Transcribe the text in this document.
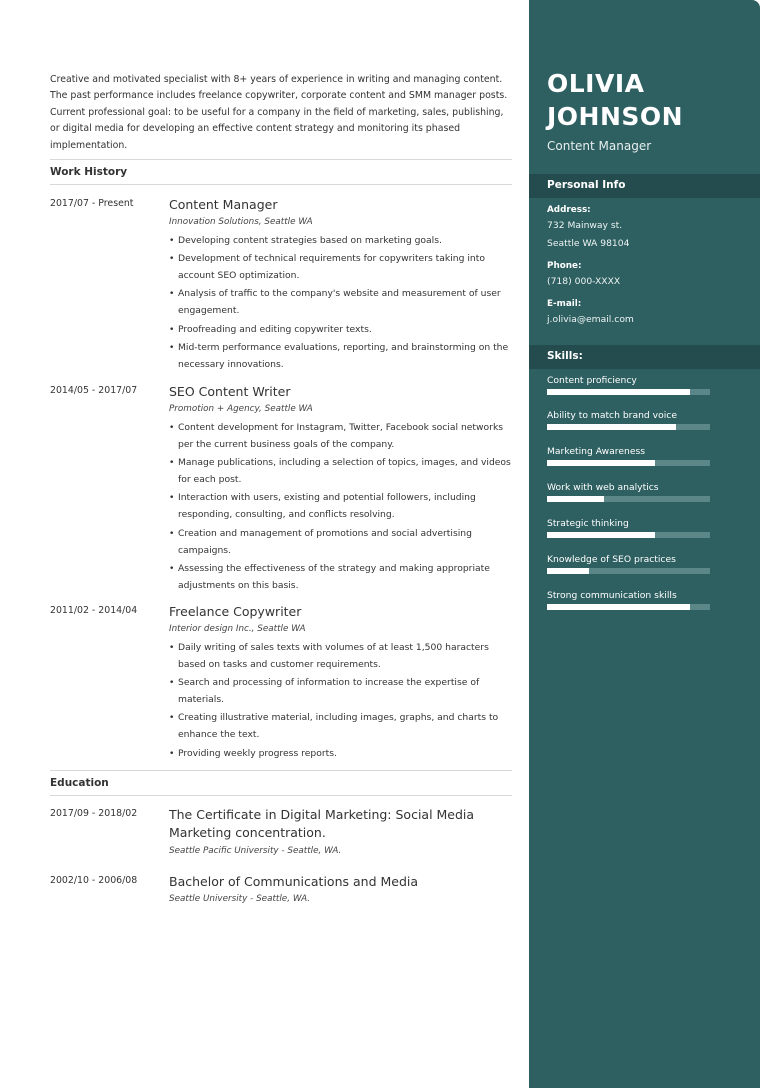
Creative and motivated specialist with 8+ years of experience in writing and managing content. The past performance includes freelance copywriter, corporate content and SMM manager posts. Current professional goal: to be useful for a company in the field of marketing, sales, publishing, or digital media for developing an effective content strategy and monitoring its phased implementation.

Work History
2017/07 - Present	Content Manager
Innovation Solutions, Seattle WA
• Developing content strategies based on marketing goals.
• Development of technical requirements for copywriters taking into account SEO optimization.
• Analysis of traffic to the company's website and measurement of user engagement.
• Proofreading and editing copywriter texts.
• Mid-term performance evaluations, reporting, and brainstorming on the necessary innovations.
2014/05 - 2017/07	SEO Content Writer
Promotion + Agency, Seattle WA
• Content development for Instagram, Twitter, Facebook social networks per the current business goals of the company.
• Manage publications, including a selection of topics, images, and videos for each post.
• Interaction with users, existing and potential followers, including responding, consulting, and conflicts resolving.
• Creation and management of promotions and social advertising campaigns.
• Assessing the effectiveness of the strategy and making appropriate adjustments on this basis.
2011/02 - 2014/04	Freelance Copywriter
Interior design Inc., Seattle WA
• Daily writing of sales texts with volumes of at least 1,500 haracters based on tasks and customer requirements.
• Search and processing of information to increase the expertise of materials.
• Creating illustrative material, including images, graphs, and charts to enhance the text.
• Providing weekly progress reports.
Education
2017/09 - 2018/02	The Certificate in Digital Marketing: Social Media Marketing concentration.
Seattle Pacific University - Seattle, WA.
2002/10 - 2006/08	Bachelor of Communications and Media
Seattle University - Seattle, WA.
OLIVIA
JOHNSON
Content Manager
Personal Info
Address:
732 Mainway st.
Seattle WA 98104
Phone:
(718) 000-XXXX
E-mail:
j.olivia@email.com
Skills:
Content proficiency
Ability to match brand voice
Marketing Awareness
Work with web analytics
Strategic thinking
Knowledge of SEO practices
Strong communication skills
